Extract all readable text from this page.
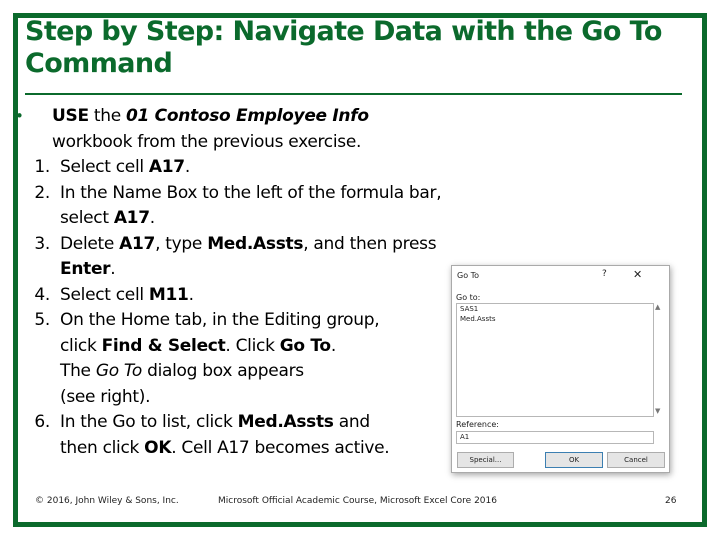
Step by Step: Navigate Data with the Go To Command
•	USE the 01 Contoso Employee Info workbook from the previous exercise.
1. Select cell A17.
2. In the Name Box to the left of the formula bar, select A17.
3. Delete A17, type Med.Assts, and then press Enter.
4. Select cell M11.
5. On the Home tab, in the Editing group,
click Find & Select. Click Go To.
The Go To dialog box appears
(see right).
6. In the Go to list, click Med.Assts and
then click OK. Cell A17 becomes active.
Go To	? ✕
Go to:
SAS1
Med.Assts
▲
▼
Reference:
A1
Special...	OK	Cancel
© 2016, John Wiley & Sons, Inc.	Microsoft Official Academic Course, Microsoft Excel Core 2016	26
